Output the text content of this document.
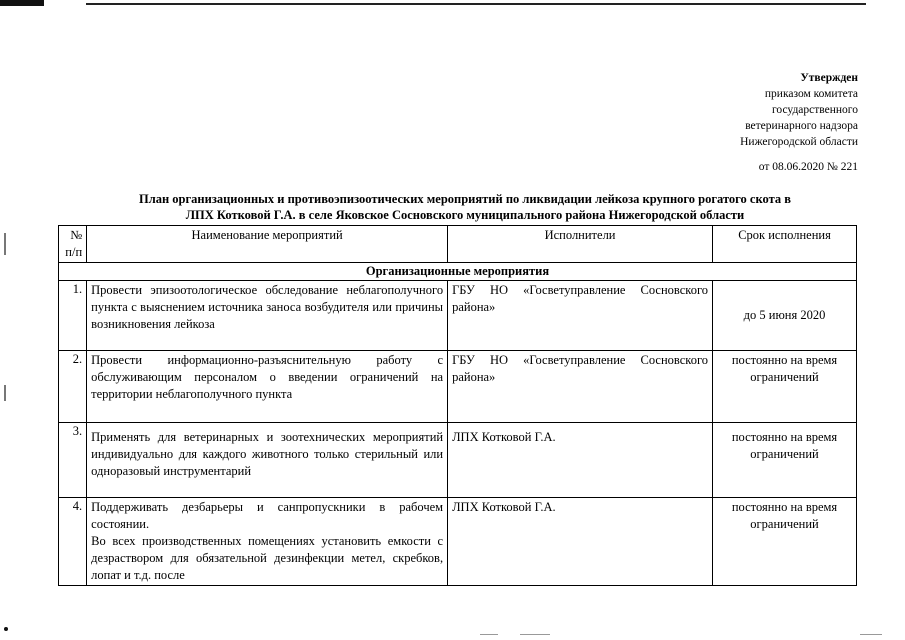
Утвержден
приказом комитета
государственного
ветеринарного надзора
Нижегородской области
от 08.06.2020 № 221
План организационных и противоэпизоотических мероприятий по ликвидации лейкоза крупного рогатого скота в
ЛПХ Котковой Г.А. в селе Яковское Сосновского муниципального района Нижегородской области
№ п/п	Наименование мероприятий	Исполнители	Срок исполнения
Организационные мероприятия			
1.	Провести эпизоотологическое обследование неблагополучного пункта с выяснением источника заноса возбудителя или причины возникновения лейкоза	ГБУ НО «Госветуправление Сосновского района»	до 5 июня 2020
2.	Провести информационно-разъяснительную работу с обслуживающим персоналом о введении ограничений на территории неблагополучного пункта	ГБУ НО «Госветуправление Сосновского района»	постоянно на время ограничений
3.	Применять для ветеринарных и зоотехнических мероприятий индивидуально для каждого животного только стерильный или одноразовый инструментарий	ЛПХ Котковой Г.А.	постоянно на время ограничений
4.	Поддерживать дезбарьеры и санпропускники в рабочем состоянии.
Во всех производственных помещениях установить емкости с дезраствором для обязательной дезинфекции метел, скребков, лопат и т.д. после	ЛПХ Котковой Г.А.	постоянно на время ограничений
